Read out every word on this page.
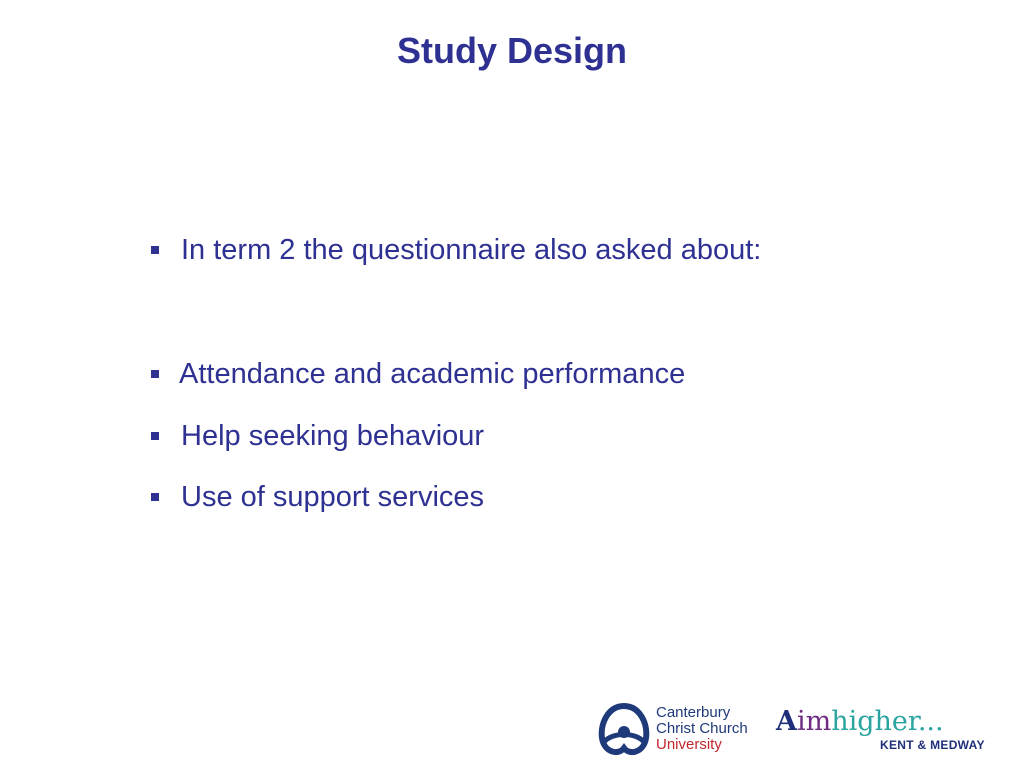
Study Design
In term 2 the questionnaire also asked about:
Attendance and academic performance
Help seeking behaviour
Use of support services
Canterbury
Christ Church
University
Aimhigher...
KENT & MEDWAY
